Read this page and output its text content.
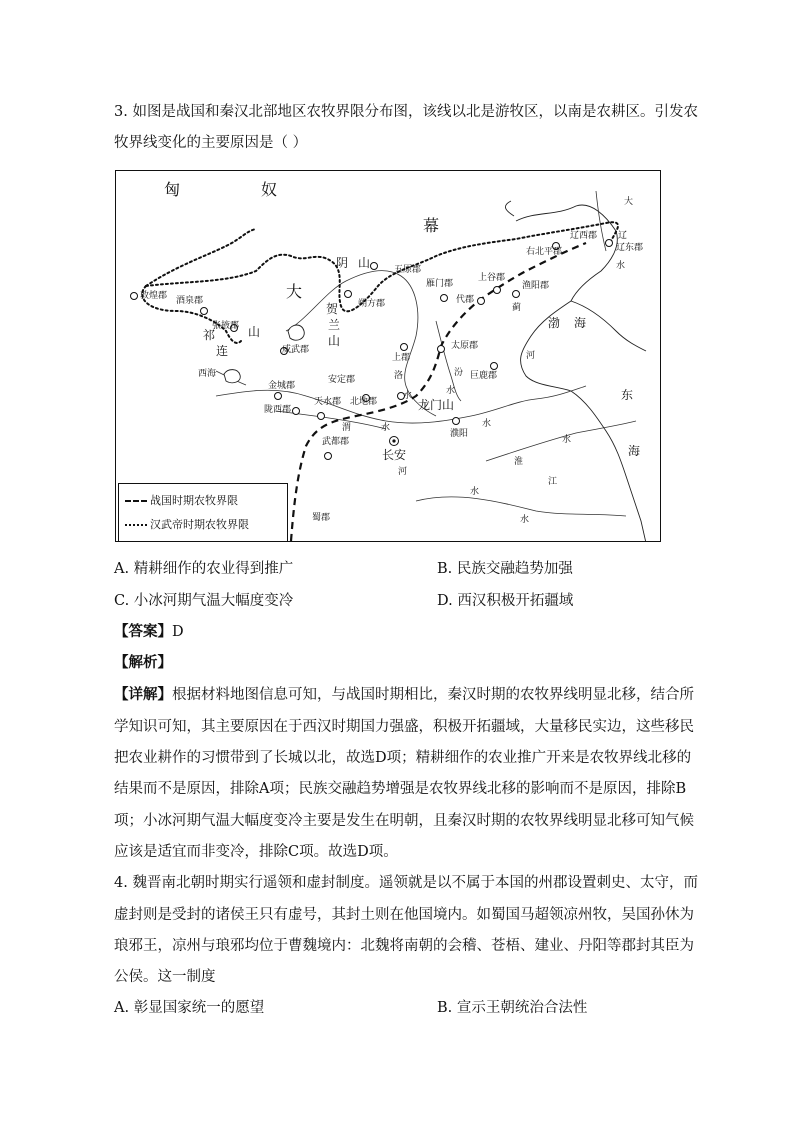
3. 如图是战国和秦汉北部地区农牧界限分布图，该线以北是游牧区，以南是农耕区。引发农
牧界线变化的主要原因是（ ）
匈	奴
幕
大
祁
连
山
阴 山
贺
兰
山
龙门山
西海
渤 海
东
海
长安
大
辽
水
汾
水
洛
水
渭	水
河
河
水
淮
水
江
水
水
敦煌郡 酒泉郡
张掖郡
威武郡
金城郡
陇西郡
天水郡
安定郡
北地郡
上郡
五原郡
朔方郡
雁门郡
代郡
太原郡
巨鹿郡
上谷郡
渔阳郡
蓟
右北平郡
辽西郡
辽东郡
武都郡
蜀郡
濮阳
战国时期农牧界限
汉武帝时期农牧界限
A. 精耕细作的农业得到推广	B. 民族交融趋势加强
C. 小冰河期气温大幅度变冷	D. 西汉积极开拓疆域
【答案】D
【解析】
【详解】根据材料地图信息可知，与战国时期相比，秦汉时期的农牧界线明显北移，结合所
学知识可知，其主要原因在于西汉时期国力强盛，积极开拓疆域，大量移民实边，这些移民
把农业耕作的习惯带到了长城以北，故选D项；精耕细作的农业推广开来是农牧界线北移的
结果而不是原因，排除A项；民族交融趋势增强是农牧界线北移的影响而不是原因，排除B
项；小冰河期气温大幅度变冷主要是发生在明朝，且秦汉时期的农牧界线明显北移可知气候
应该是适宜而非变冷，排除C项。故选D项。
4. 魏晋南北朝时期实行遥领和虚封制度。遥领就是以不属于本国的州郡设置刺史、太守，而
虚封则是受封的诸侯王只有虚号，其封土则在他国境内。如蜀国马超领凉州牧，吴国孙休为
琅邪王，凉州与琅邪均位于曹魏境内：北魏将南朝的会稽、苍梧、建业、丹阳等郡封其臣为
公侯。这一制度
A. 彰显国家统一的愿望	B. 宣示王朝统治合法性
